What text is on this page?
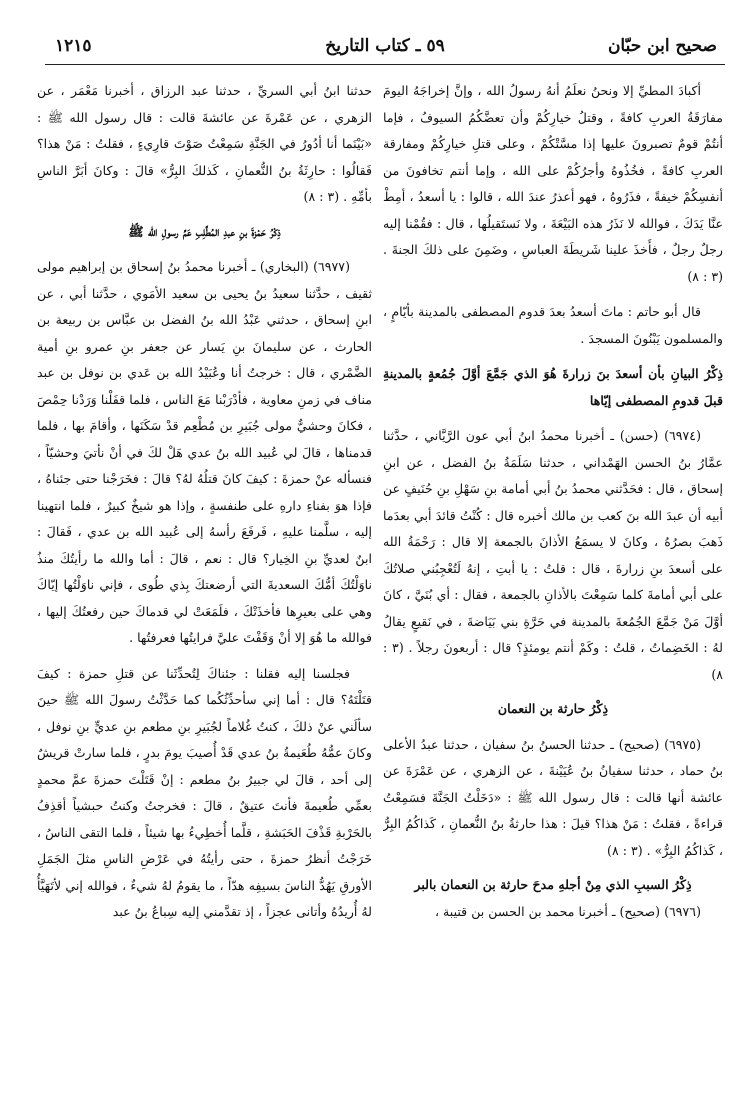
صحيح ابن حبّان
٥٩ ـ كتاب التاريخ
١٢١٥

أكبادَ المطيِّ إلا ونحنُ نعلَمُ أنهُ رسولُ الله ، وإنَّ إخراجَهُ اليومَ مفارَقَةُ العربِ كافةً ، وقتلُ خيارِكُمْ وأن تعضَّكُمُ السيوفُ ، فإما أنتُمْ قومٌ تصبرونَ عليها إذا مسَّتْكُمْ ، وعلى قتلِ خيارِكُمْ ومفارقة العربِ كافةً ، فخُذُوهُ وأجرُكُمْ على الله ، وإما أنتم تخافونَ من أنفسِكُمْ خيفةً ، فذَرُوهُ ، فهو أعذرُ عندَ الله ، قالوا : يا أسعدُ ، أمِطْ عنَّا يَدَكَ ، فوالله لا نَذَرُ هذه البَيْعَةَ ، ولا نَستَقيلُها ، قال : فقُمْنا إليه رجلٌ رجلٌ ، فأَخذَ علينا شَريطَةَ العباسِ ، وضَمِنَ على ذلكَ الجنةَ . (٣ : ٨)

قال أبو حاتم : ماتَ أسعدُ بعدَ قدوم المصطفى بالمدينة بأيّامٍ ، والمسلمون يَبْنُونَ المسجدَ .

ذِكْرُ البيانِ بأن أسعدَ بنَ زرارةَ هُوَ الذي جَمَّعَ أوَّلَ جُمُعةٍ بالمدينةِ قبلَ قدومِ المصطفى إيّاها

(٦٩٧٤) (حسن) ـ أخبرنا محمدُ ابنُ أبي عون الرَّيَّاني ، حدَّثنا عمَّارُ بنُ الحسن الهَمْداني ، حدثنا سَلَمَةُ بنُ الفضل ، عن ابنِ إسحاق ، قال : فحَدَّثني محمدُ بنُ أبي أمامة بنِ سَهْلِ بنِ حُنَيفٍ عن أبيه أن عبدَ الله بنَ كعب بن مالك أخبره قال : كُنْتُ قائدَ أبي بعدَما ذَهبَ بصرُهُ ، وكانَ لا يسمَعُ الأذانَ بالجمعة إلا قال : رَحْمَةُ الله على أسعدَ بنِ زرارةَ ، قال : قلتُ : يا أبتِ ، إنهُ لَتُعْجِبُني صلاتُكَ على أبي أمامةَ كلما سَمِعْتَ بالأذانِ بالجمعة ، فقال : أي بُنَيَّ ، كانَ أوَّلَ مَنْ جَمَّعَ الجُمُعةَ بالمدينة في حَرَّةِ بني بَيَاضةَ ، في نَقيعٍ يقالُ لهُ : الخَضِماتُ ، قلتُ : وكَمْ أنتم يومئذٍ؟ قال : أربعونَ رجلاً . (٣ : ٨)

ذِكْرُ حارثة بن النعمان

(٦٩٧٥) (صحيح) ـ حدثنا الحسنُ بنُ سفيان ، حدثنا عبدُ الأعلى بنُ حماد ، حدثنا سفيانُ بنُ عُيَيْنةَ ، عن الزهري ، عن عَمْرَةَ عن عائشة أنها قالت : قال رسول الله ﷺ : «دَخَلْتُ الجَنَّةَ فسَمِعْتُ قراءةً ، فقلتُ : مَنْ هذا؟ قيلَ : هذا حارثةُ بنُ النُّعمانِ ، كَذاكُمُ البِرُّ ، كَذاكُمُ البِرُّ» . (٣ : ٨)

ذِكْرُ السببِ الذي مِنْ أجلهِ مدحَ حارثة بن النعمان بالبر

(٦٩٧٦) (صحيح) ـ أخبرنا محمد بن الحسن بن قتيبة ،

حدثنا ابنُ أبي السريِّ ، حدثنا عبد الرزاق ، أخبرنا مَعْمَر ، عن الزهري ، عن عَمْرةَ عن عائشةَ قالت : قال رسول الله ﷺ : «بَيْنَما أنا أدُورُ في الجَنَّةِ سَمِعْتُ صَوْتَ قارِيءٍ ، فقلتُ : مَنْ هذا؟ فَقالُوا : حارِثَةُ بنُ النُّعمانِ ، كَذلكَ البِرُّ» قالَ : وكانَ أبَرَّ الناسِ بأمِّهِ . (٣ : ٨)

ذِكْرُ حَمْزةَ بنِ عبدِ المُطَّلِبِ عَمِّ رسولِ الله ﷺ

(٦٩٧٧) (البخاري) ـ أخبرنا محمدُ بنُ إسحاق بن إبراهيم مولى ثقيف ، حدَّثنا سعيدُ بنُ يحيى بن سعيد الأمَوي ، حدَّثنا أبي ، عن ابنِ إسحاق ، حدثني عَبْدُ الله بنُ الفضل بن عبَّاس بن ربيعة بن الحارث ، عن سليمانَ بنِ يَسار عن جعفر بنِ عمرو بنِ أمية الضَّمْري ، قال : خرجتُ أنا وعُبَيْدُ الله بن عَدي بن نوفل بن عبد مناف في زمنِ معاوية ، فأدْرَبْنا مَعَ الناس ، فلما قفَلْنا وَرَدْنا حِمْصَ ، فكانَ وحشيٌّ مولى جُبَيرِ بن مُطْعِم قدْ سَكَنَها ، وأقامَ بها ، فلما قدمناها ، قالَ لي عُبيد الله بنُ عدي هَلْ لكَ في أنْ نأتيَ وحشيّاً ، فنسأله عنْ حمزةَ : كيفَ كانَ قتلُهُ لهُ؟ قالَ : فخَرَجْنا حتى جئناهُ ، فإذا هوَ بفناءِ دارهِ على طنفسةٍ ، وإذا هو شيخٌ كبيرٌ ، فلما انتهينا إليه ، سلَّمنا عليهِ ، فَرفَعَ رأسهُ إلى عُبيد الله بن عدي ، فَقالَ : ابنٌ لعديِّ بنِ الخِيار؟ قال : نعم ، قالَ : أما والله ما رأيتُكَ منذُ ناوَلْتُكَ أمُّكَ السعديةَ التي أرضعتكَ بِذي طُوى ، فإني ناوَلْتُها إيّاكَ وهي على بعيرِها فأخذَتْكَ ، فلَمَعَتْ لي قدماكَ حين رفعتُكَ إليها ، فوالله ما هُوَ إلا أنْ وَقَفْتَ عليَّ فرايتُها فعرفتُها .

فجلسنا إليه فقلنا : جئناكَ لِتُحدِّثَنا عن قتلِ حمزة : كيفَ قتَلْتَهُ؟ قال : أما إني سأحدِّثُكُما كما حَدَّثْتُ رسولَ الله ﷺ حينَ سألَني عنْ ذلكَ ، كنتُ غُلاماً لجُبَيرِ بنِ مطعم بنِ عديٍّ بنِ نوفل ، وكانَ عمُّهُ طُعَيمةُ بنُ عدي قَدْ أُصيبَ يومَ بدرٍ ، فلما سارتْ قريشٌ إلى أحد ، قالَ لي جبيرُ بنُ مطعم : إنْ قَتَلْتَ حمزةَ عمَّ محمدٍ بعمِّي طُعيمةَ فأنتَ عتيقٌ ، قالَ : فخرجتُ وكنتُ حبشياً أقذِفُ بالحَرْبةِ قَذْفَ الحَبَشةِ ، قلَّما أُخطِيءُ بها شيئاً ، فلما التقى الناسُ ، خَرَجْتُ أنظرُ حمزةَ ، حتى رأيتُهُ في عَرْضِ الناسِ مثلَ الجَمَلِ الأورقِ يَهُدُّ الناسَ بسيفِه هدّاً ، ما يقومُ لهُ شيءٌ ، فوالله إني لأتَهَيَّأُ لهُ أُريدُهُ وأتانى عجزاً ، إذ تقدَّمني إليه سِباعُ بنُ عبد
